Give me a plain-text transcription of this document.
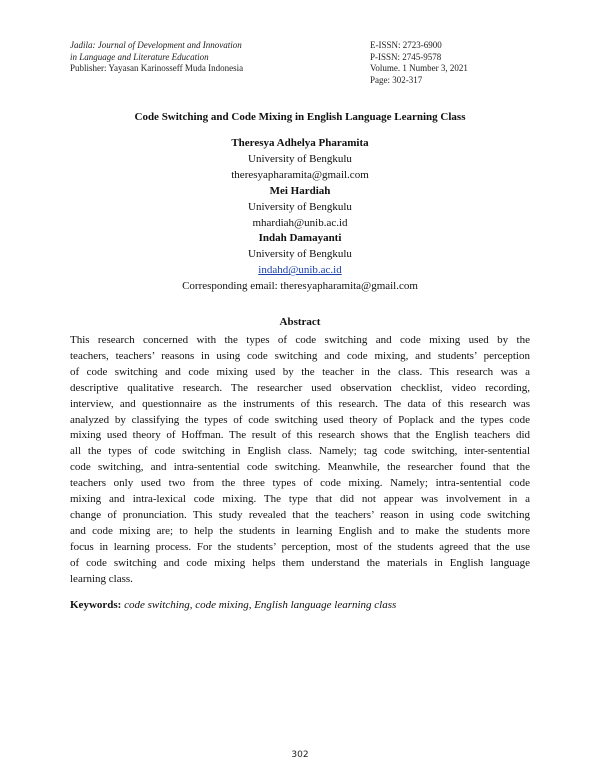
Jadila: Journal of Development and Innovation
in Language and Literature Education
Publisher: Yayasan Karinosseff Muda Indonesia
E-ISSN: 2723-6900
P-ISSN: 2745-9578
Volume. 1 Number 3, 2021
Page: 302-317
Code Switching and Code Mixing in English Language Learning Class
Theresya Adhelya Pharamita
University of Bengkulu
theresyapharamita@gmail.com
Mei Hardiah
University of Bengkulu
mhardiah@unib.ac.id
Indah Damayanti
University of Bengkulu
indahd@unib.ac.id
Corresponding email: theresyapharamita@gmail.com
Abstract
This research concerned with the types of code switching and code mixing used by the
teachers, teachers’ reasons in using code switching and code mixing, and students’ perception
of code switching and code mixing used by the teacher in the class. This research was a
descriptive qualitative research. The researcher used observation checklist, video recording,
interview, and questionnaire as the instruments of this research. The data of this research was
analyzed by classifying the types of code switching used theory of Poplack and the types code
mixing used theory of Hoffman. The result of this research shows that the English teachers did
all the types of code switching in English class. Namely; tag code switching, inter-sentential
code switching, and intra-sentential code switching. Meanwhile, the researcher found that the
teachers only used two from the three types of code mixing. Namely; intra-sentential code
mixing and intra-lexical code mixing. The type that did not appear was involvement in a
change of pronunciation. This study revealed that the teachers’ reason in using code switching
and code mixing are; to help the students in learning English and to make the students more
focus in learning process. For the students’ perception, most of the students agreed that the use
of code switching and code mixing helps them understand the materials in English language
learning class.
Keywords: code switching, code mixing, English language learning class
302
